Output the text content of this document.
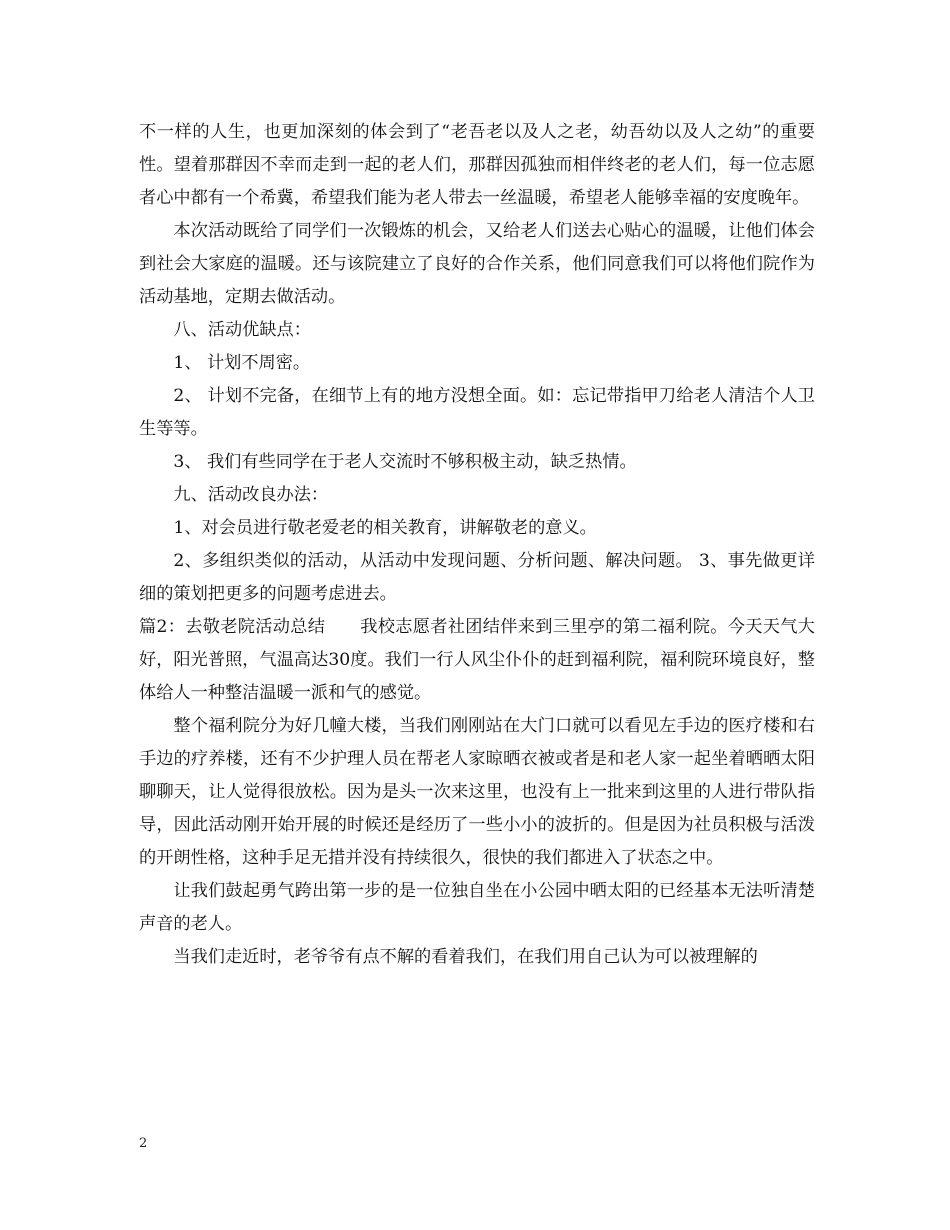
不一样的人生，也更加深刻的体会到了“老吾老以及人之老，幼吾幼以及人之幼”的重要性。望着那群因不幸而走到一起的老人们，那群因孤独而相伴终老的老人们，每一位志愿者心中都有一个希冀，希望我们能为老人带去一丝温暖，希望老人能够幸福的安度晚年。

本次活动既给了同学们一次锻炼的机会，又给老人们送去心贴心的温暖，让他们体会到社会大家庭的温暖。还与该院建立了良好的合作关系，他们同意我们可以将他们院作为活动基地，定期去做活动。

八、活动优缺点：

1、 计划不周密。

2、 计划不完备，在细节上有的地方没想全面。如：忘记带指甲刀给老人清洁个人卫生等等。

3、 我们有些同学在于老人交流时不够积极主动，缺乏热情。

九、活动改良办法：

1、对会员进行敬老爱老的相关教育，讲解敬老的意义。

2、多组织类似的活动，从活动中发现问题、分析问题、解决问题。 3、事先做更详细的策划把更多的问题考虑进去。

篇2：去敬老院活动总结　　我校志愿者社团结伴来到三里亭的第二福利院。今天天气大好，阳光普照，气温高达30度。我们一行人风尘仆仆的赶到福利院，福利院环境良好，整体给人一种整洁温暖一派和气的感觉。

整个福利院分为好几幢大楼，当我们刚刚站在大门口就可以看见左手边的医疗楼和右手边的疗养楼，还有不少护理人员在帮老人家晾晒衣被或者是和老人家一起坐着晒晒太阳聊聊天，让人觉得很放松。因为是头一次来这里，也没有上一批来到这里的人进行带队指导，因此活动刚开始开展的时候还是经历了一些小小的波折的。但是因为社员积极与活泼的开朗性格，这种手足无措并没有持续很久，很快的我们都进入了状态之中。

让我们鼓起勇气跨出第一步的是一位独自坐在小公园中晒太阳的已经基本无法听清楚声音的老人。

当我们走近时，老爷爷有点不解的看着我们，在我们用自己认为可以被理解的

2
